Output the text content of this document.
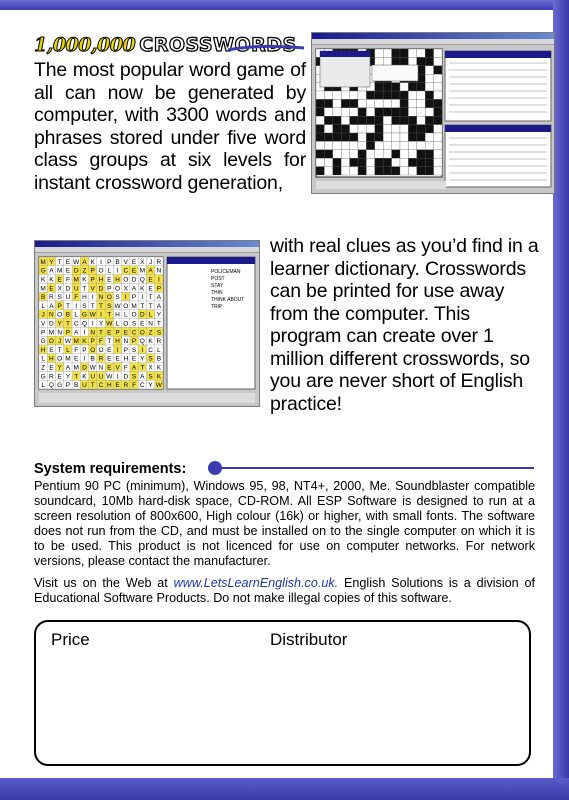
1,000,000 CROSSWORDS
The most popular word game of all can now be generated by computer, with 3300 words and phrases stored under five word class groups at six levels for instant crossword generation,
M Y T E W A K I P B V E X J R
G A M E D Z P O L I C E M A N
K K E F M K P H E H O D Q E I
M E X D U T V D P O X A K E P
B R S U F H I N O S I P I T A
L A P T I S T T S W O M T T A
J N O B L G W I T H L O D L Y
V D Y T C Q I Y W L O S E N T
P M N P A I N T E P E C O Z S
G O J W M K P F T H N P Q K R
H E T L F P O O E I P S I C L
L H O M E I B R E E H E Y S B
Z E Y A M D W N E V F A T X K
G R E Y T K U U W I D S A S K
L Q G P B U T C H E R F C Y W
POLICEMAN
POST
STAY
THIN
THINK ABOUT
TRIP
with real clues as you’d find in a learner dictionary. Crosswords can be printed for use away from the computer. This program can create over 1 million different crosswords, so you are never short of English practice!
System requirements:
Pentium 90 PC (minimum), Windows 95, 98, NT4+, 2000, Me. Soundblaster compatible soundcard, 10Mb hard-disk space, CD-ROM. All ESP Software is designed to run at a screen resolution of 800x600, High colour (16k) or higher, with small fonts. The software does not run from the CD, and must be installed on to the single computer on which it is to be used. This product is not licenced for use on computer networks. For network versions, please contact the manufacturer.
Visit us on the Web at www.LetsLearnEnglish.co.uk. English Solutions is a division of Educational Software Products. Do not make illegal copies of this software.
Price	Distributor
